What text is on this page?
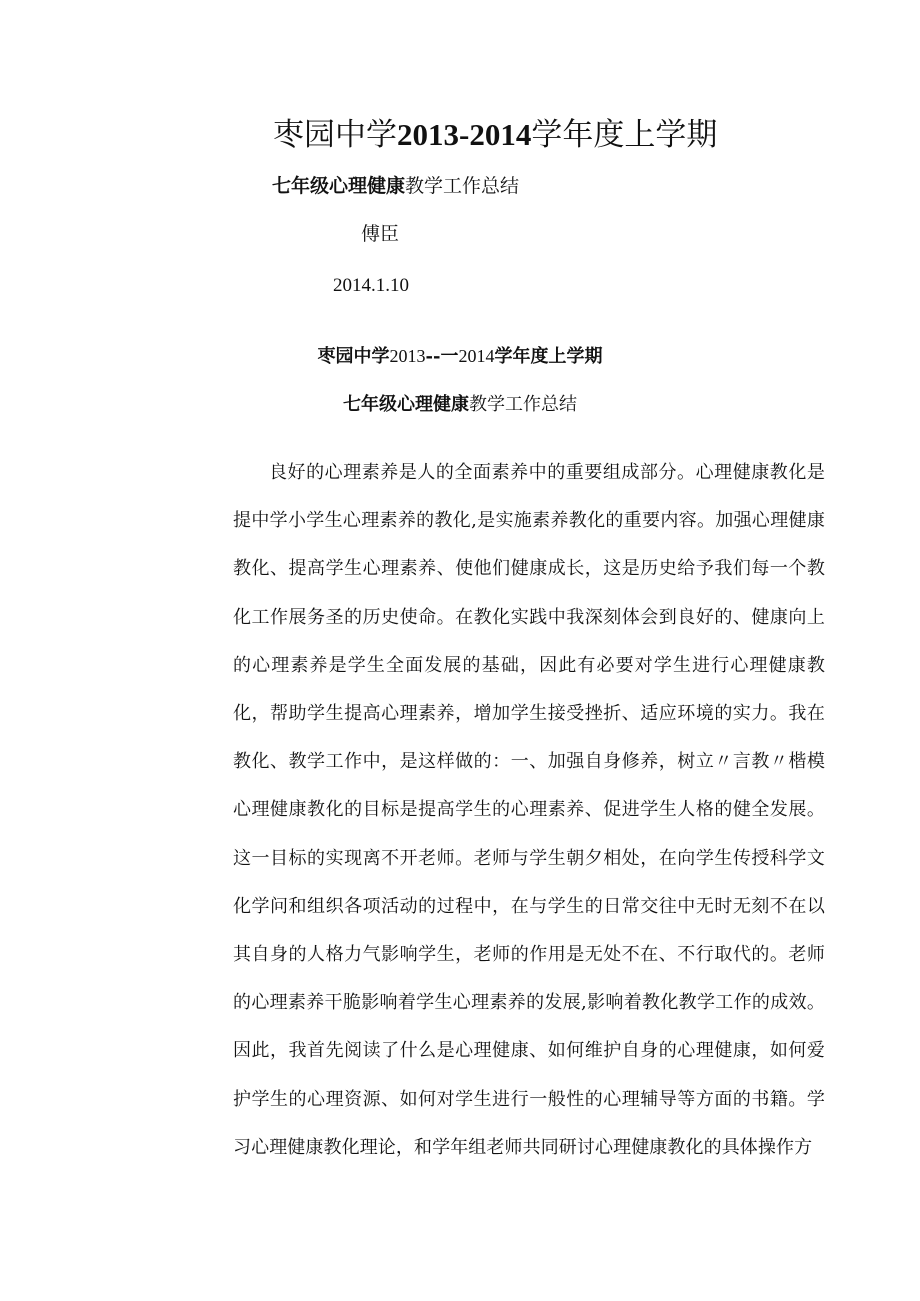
枣园中学2013-2014学年度上学期
七年级心理健康教学工作总结
傅臣
2014.1.10
枣园中学2013--一2014学年度上学期
七年级心理健康教学工作总结

良好的心理素养是人的全面素养中的重要组成部分。心理健康教化是提中学小学生心理素养的教化,是实施素养教化的重要内容。加强心理健康教化、提高学生心理素养、使他们健康成长，这是历史给予我们每一个教化工作展务圣的历史使命。在教化实践中我深刻体会到良好的、健康向上的心理素养是学生全面发展的基础，因此有必要对学生进行心理健康教化，帮助学生提高心理素养，增加学生接受挫折、适应环境的实力。我在教化、教学工作中，是这样做的：一、加强自身修养，树立〃言教〃楷模心理健康教化的目标是提高学生的心理素养、促进学生人格的健全发展。这一目标的实现离不开老师。老师与学生朝夕相处，在向学生传授科学文化学问和组织各项活动的过程中，在与学生的日常交往中无时无刻不在以其自身的人格力气影响学生，老师的作用是无处不在、不行取代的。老师的心理素养干脆影响着学生心理素养的发展,影响着教化教学工作的成效。因此，我首先阅读了什么是心理健康、如何维护自身的心理健康，如何爱护学生的心理资源、如何对学生进行一般性的心理辅导等方面的书籍。学习心理健康教化理论，和学年组老师共同研讨心理健康教化的具体操作方
